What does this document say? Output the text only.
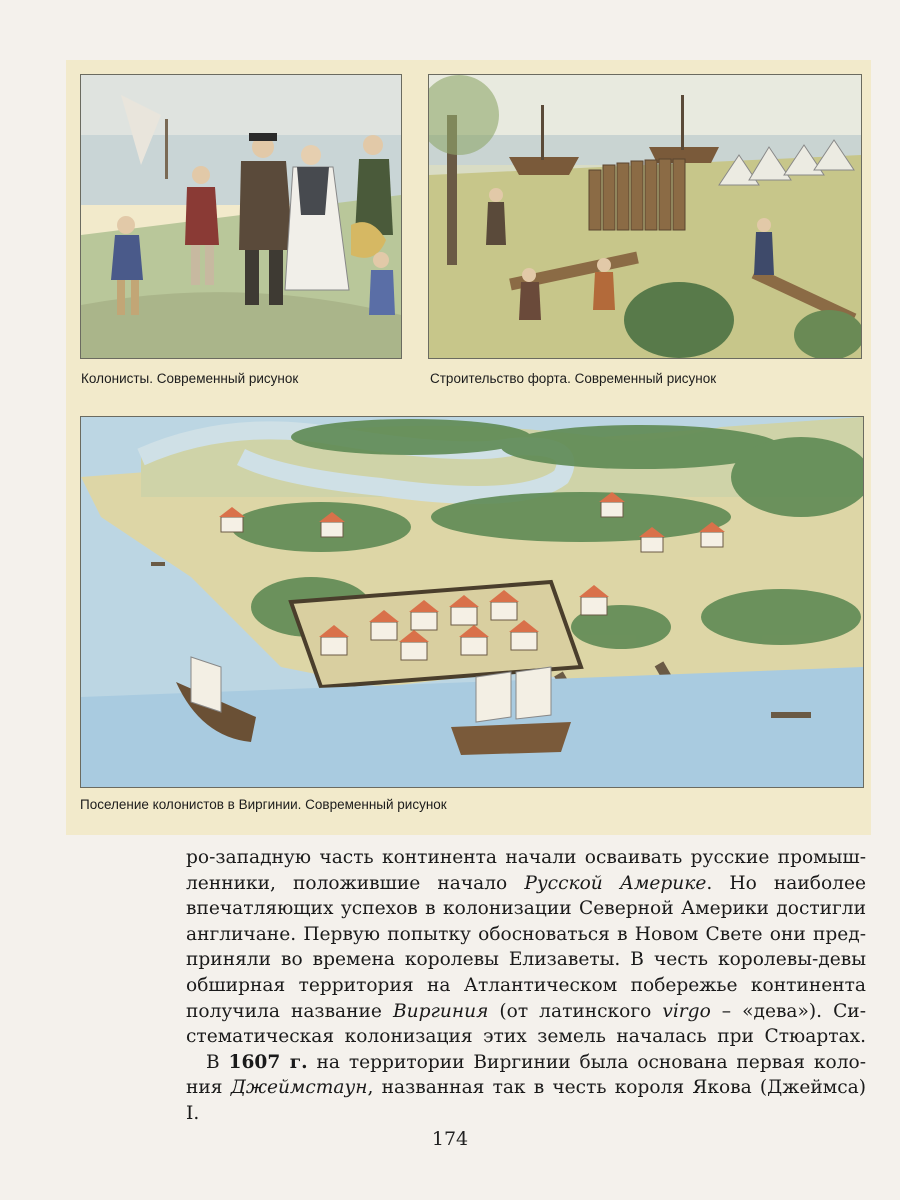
Колонисты. Современный рисунок	Строительство форта. Современный рисунок
Поселение колонистов в Виргинии. Современный рисунок

ро-западную часть континента начали осваивать русские промыш-

ленники, положившие начало Русской Америке. Но наиболее

впечатляющих успехов в колонизации Северной Америки достигли

англичане. Первую попытку обосноваться в Новом Свете они пред-

приняли во времена королевы Елизаветы. В честь королевы-девы

обширная территория на Атлантическом побережье континента

получила название Виргиния (от латинского virgo – «дева»). Си-

стематическая колонизация этих земель началась при Стюартах.

В 1607 г. на территории Виргинии была основана первая коло-

ния Джеймстаун, названная так в честь короля Якова (Джеймса) I.

174
